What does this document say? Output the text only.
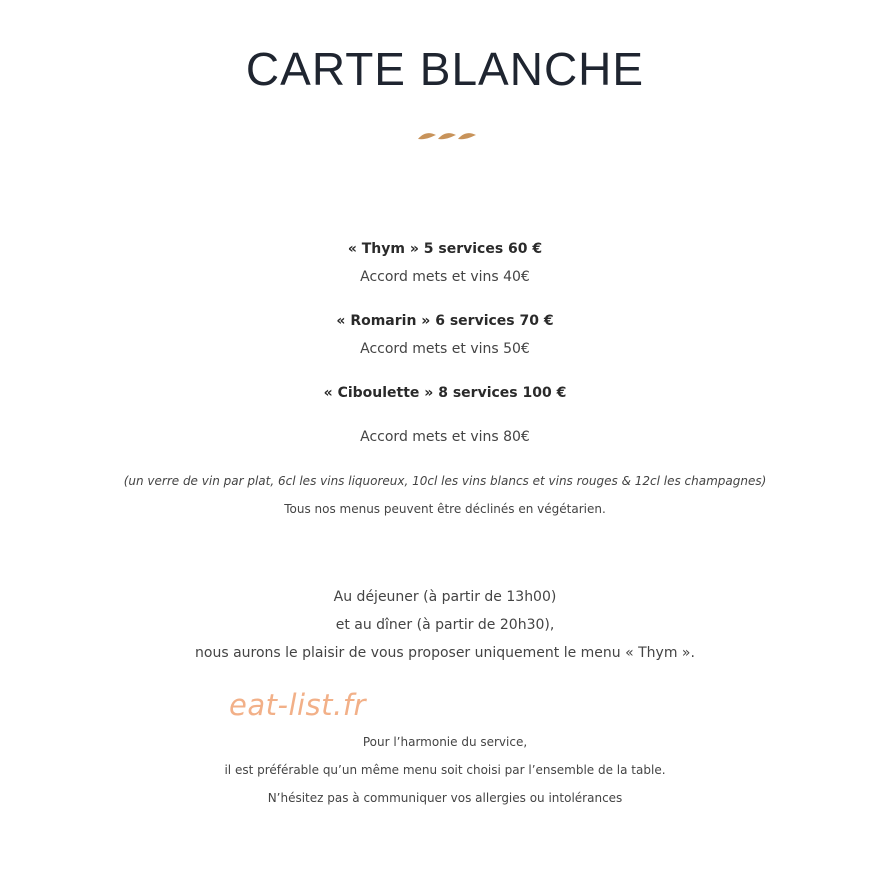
CARTE BLANCHE
« Thym » 5 services 60 €
Accord mets et vins 40€
« Romarin » 6 services 70 €
Accord mets et vins 50€
« Ciboulette » 8 services 100 €
Accord mets et vins 80€
(un verre de vin par plat, 6cl les vins liquoreux, 10cl les vins blancs et vins rouges & 12cl les champagnes)
Tous nos menus peuvent être déclinés en végétarien.
Au déjeuner (à partir de 13h00)
et au dîner (à partir de 20h30),
nous aurons le plaisir de vous proposer uniquement le menu « Thym ».
eat-list.fr
Pour l’harmonie du service,
il est préférable qu’un même menu soit choisi par l’ensemble de la table.
N’hésitez pas à communiquer vos allergies ou intolérances
